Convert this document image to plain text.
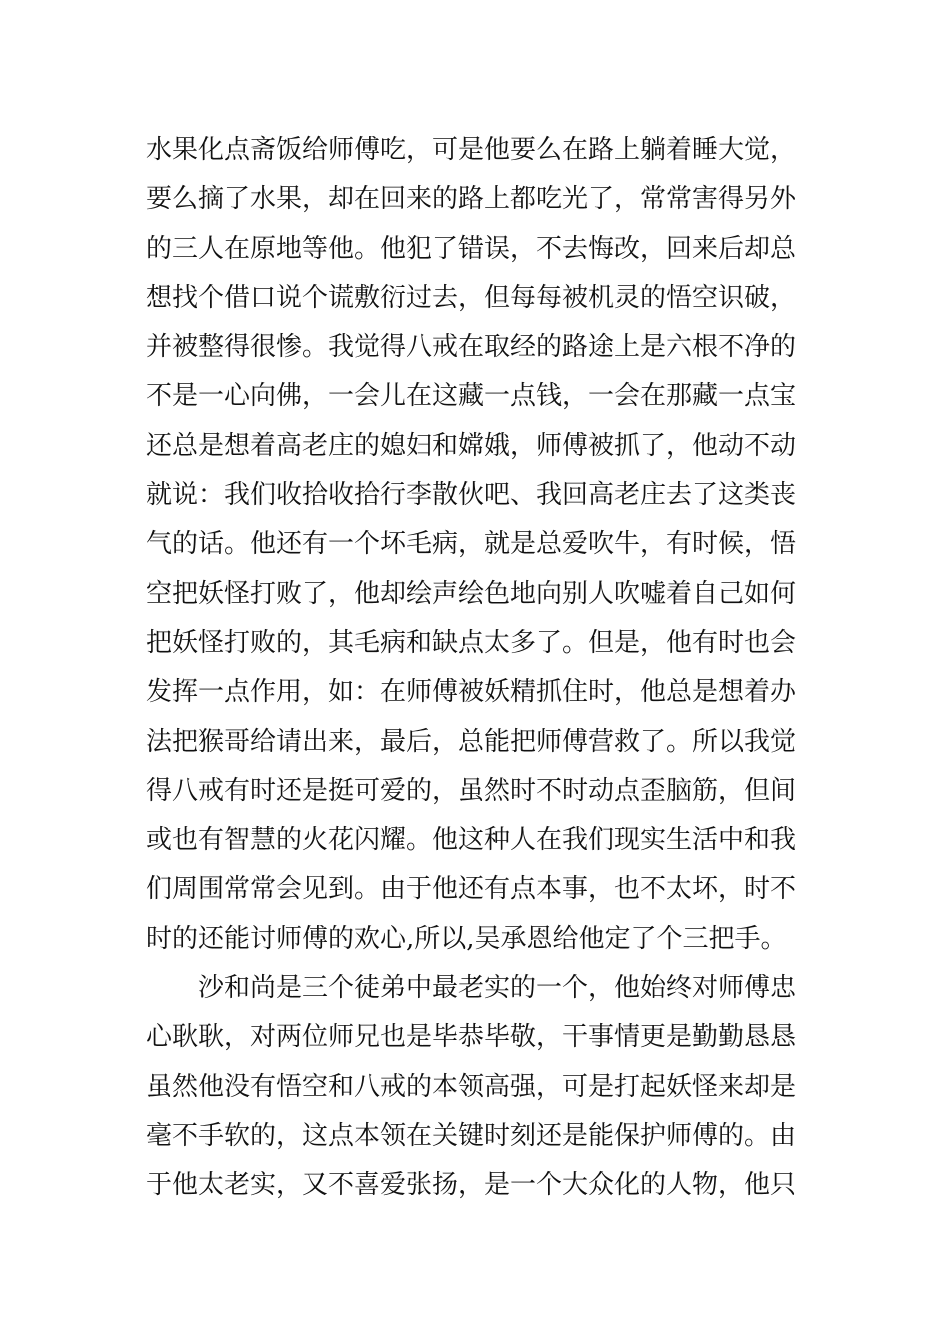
水果化点斋饭给师傅吃，可是他要么在路上躺着睡大觉，
要么摘了水果，却在回来的路上都吃光了，常常害得另外
的三人在原地等他。他犯了错误，不去悔改，回来后却总
想找个借口说个谎敷衍过去，但每每被机灵的悟空识破，
并被整得很惨。我觉得八戒在取经的路途上是六根不净的
不是一心向佛，一会儿在这藏一点钱，一会在那藏一点宝
还总是想着高老庄的媳妇和嫦娥，师傅被抓了，他动不动
就说：我们收拾收拾行李散伙吧、我回高老庄去了这类丧
气的话。他还有一个坏毛病，就是总爱吹牛，有时候，悟
空把妖怪打败了，他却绘声绘色地向别人吹嘘着自己如何
把妖怪打败的，其毛病和缺点太多了。但是，他有时也会
发挥一点作用，如：在师傅被妖精抓住时，他总是想着办
法把猴哥给请出来，最后，总能把师傅营救了。所以我觉
得八戒有时还是挺可爱的，虽然时不时动点歪脑筋，但间
或也有智慧的火花闪耀。他这种人在我们现实生活中和我
们周围常常会见到。由于他还有点本事，也不太坏，时不
时的还能讨师傅的欢心,所以,吴承恩给他定了个三把手。
沙和尚是三个徒弟中最老实的一个，他始终对师傅忠
心耿耿，对两位师兄也是毕恭毕敬，干事情更是勤勤恳恳
虽然他没有悟空和八戒的本领高强，可是打起妖怪来却是
毫不手软的，这点本领在关键时刻还是能保护师傅的。由
于他太老实，又不喜爱张扬，是一个大众化的人物，他只
